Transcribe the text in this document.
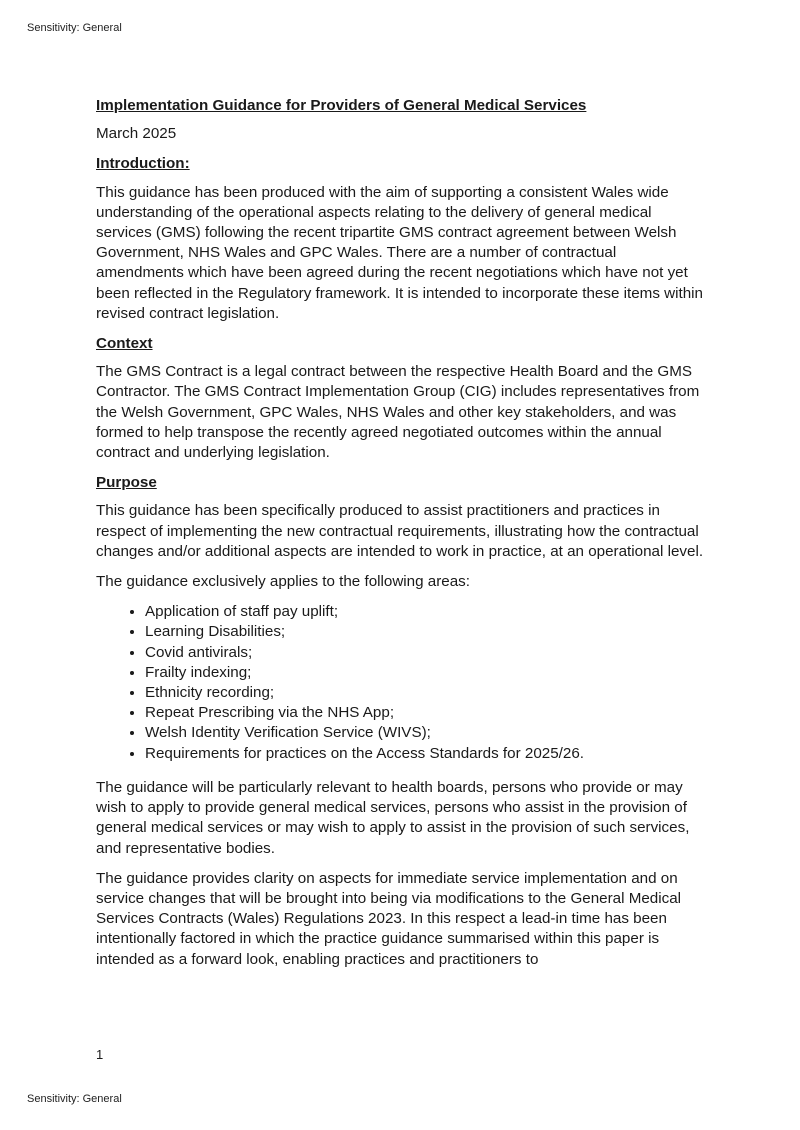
Sensitivity: General
Implementation Guidance for Providers of General Medical Services
March 2025
Introduction:

This guidance has been produced with the aim of supporting a consistent Wales wide understanding of the operational aspects relating to the delivery of general medical services (GMS) following the recent tripartite GMS contract agreement between Welsh Government, NHS Wales and GPC Wales. There are a number of contractual amendments which have been agreed during the recent negotiations which have not yet been reflected in the Regulatory framework. It is intended to incorporate these items within revised contract legislation.

Context

The GMS Contract is a legal contract between the respective Health Board and the GMS Contractor. The GMS Contract Implementation Group (CIG) includes representatives from the Welsh Government, GPC Wales, NHS Wales and other key stakeholders, and was formed to help transpose the recently agreed negotiated outcomes within the annual contract and underlying legislation.

Purpose

This guidance has been specifically produced to assist practitioners and practices in respect of implementing the new contractual requirements, illustrating how the contractual changes and/or additional aspects are intended to work in practice, at an operational level.

The guidance exclusively applies to the following areas:

• Application of staff pay uplift;
• Learning Disabilities;
• Covid antivirals;
• Frailty indexing;
• Ethnicity recording;
• Repeat Prescribing via the NHS App;
• Welsh Identity Verification Service (WIVS);
• Requirements for practices on the Access Standards for 2025/26.

The guidance will be particularly relevant to health boards, persons who provide or may wish to apply to provide general medical services, persons who assist in the provision of general medical services or may wish to apply to assist in the provision of such services, and representative bodies.

The guidance provides clarity on aspects for immediate service implementation and on service changes that will be brought into being via modifications to the General Medical Services Contracts (Wales) Regulations 2023. In this respect a lead-in time has been intentionally factored in which the practice guidance summarised within this paper is intended as a forward look, enabling practices and practitioners to

1
Sensitivity: General
